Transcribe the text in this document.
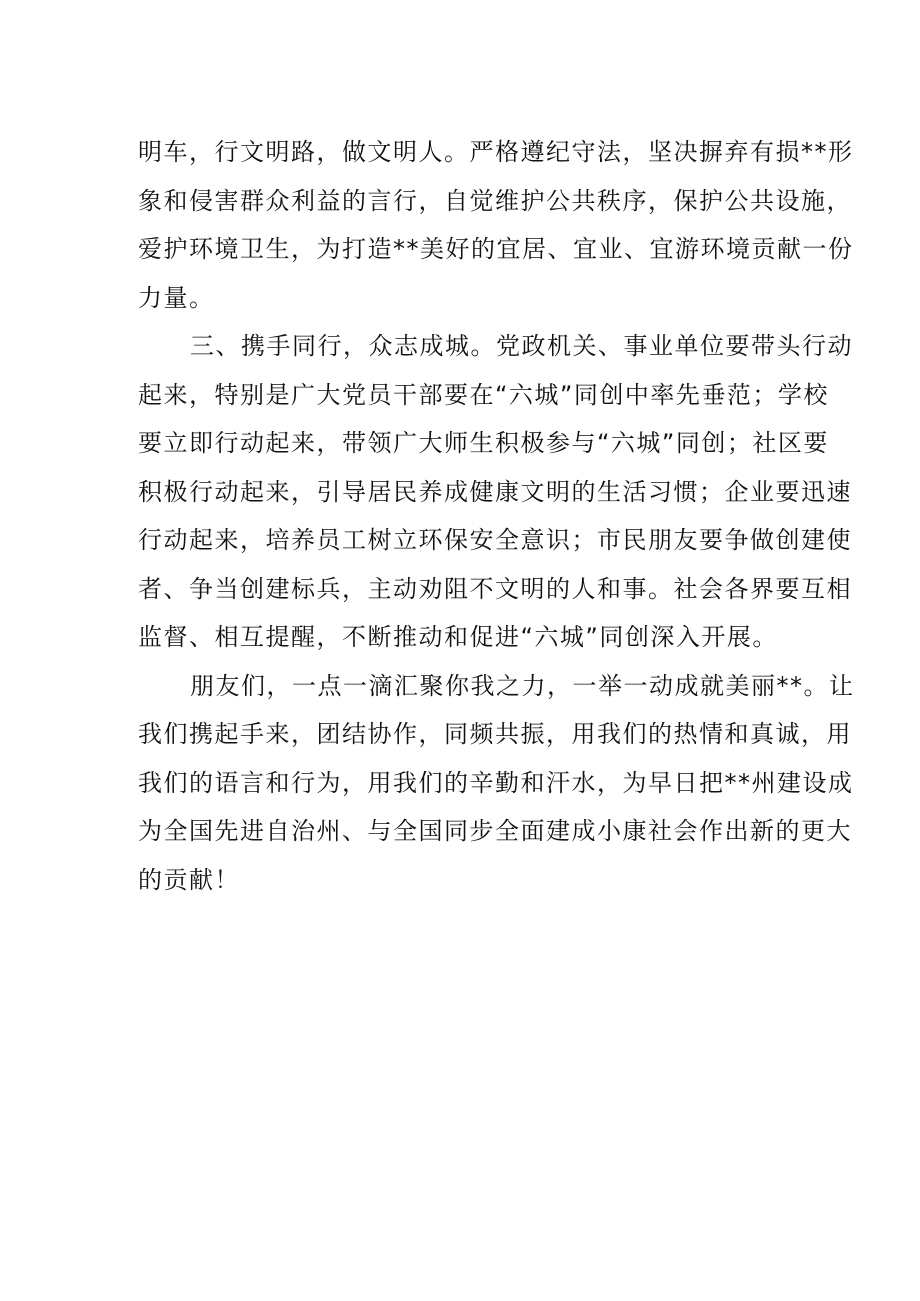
明车，行文明路，做文明人。严格遵纪守法，坚决摒弃有损**形
象和侵害群众利益的言行，自觉维护公共秩序，保护公共设施，
爱护环境卫生，为打造**美好的宜居、宜业、宜游环境贡献一份
力量。
三、携手同行，众志成城。党政机关、事业单位要带头行动
起来，特别是广大党员干部要在“六城”同创中率先垂范；学校
要立即行动起来，带领广大师生积极参与“六城”同创；社区要
积极行动起来，引导居民养成健康文明的生活习惯；企业要迅速
行动起来，培养员工树立环保安全意识；市民朋友要争做创建使
者、争当创建标兵，主动劝阻不文明的人和事。社会各界要互相
监督、相互提醒，不断推动和促进“六城”同创深入开展。
朋友们，一点一滴汇聚你我之力，一举一动成就美丽**。让
我们携起手来，团结协作，同频共振，用我们的热情和真诚，用
我们的语言和行为，用我们的辛勤和汗水，为早日把**州建设成
为全国先进自治州、与全国同步全面建成小康社会作出新的更大
的贡献！
